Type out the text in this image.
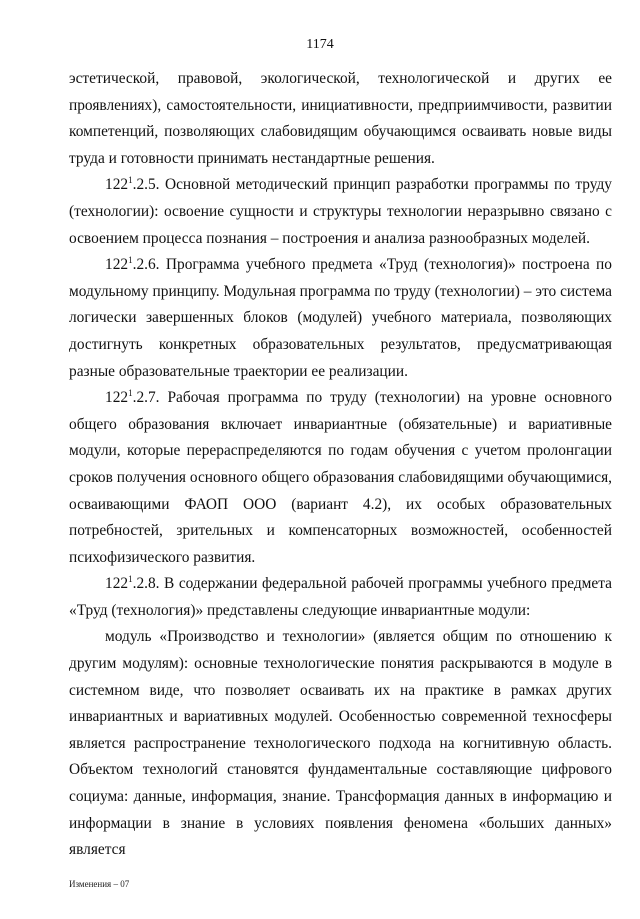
1174

эстетической, правовой, экологической, технологической и других ее проявлениях), самостоятельности, инициативности, предприимчивости, развитии компетенций, позволяющих слабовидящим обучающимся осваивать новые виды труда и готовности принимать нестандартные решения.

$122^1.2.5$. Основной методический принцип разработки программы по труду (технологии): освоение сущности и структуры технологии неразрывно связано с освоением процесса познания – построения и анализа разнообразных моделей.

$122^1.2.6$. Программа учебного предмета «Труд (технология)» построена по модульному принципу. Модульная программа по труду (технологии) – это система логически завершенных блоков (модулей) учебного материала, позволяющих достигнуть конкретных образовательных результатов, предусматривающая разные образовательные траектории ее реализации.

$122^1.2.7$. Рабочая программа по труду (технологии) на уровне основного общего образования включает инвариантные (обязательные) и вариативные модули, которые перераспределяются по годам обучения с учетом пролонгации сроков получения основного общего образования слабовидящими обучающимися, осваивающими ФАОП ООО (вариант 4.2), их особых образовательных потребностей, зрительных и компенсаторных возможностей, особенностей психофизического развития.

$122^1.2.8$. В содержании федеральной рабочей программы учебного предмета «Труд (технология)» представлены следующие инвариантные модули:

модуль «Производство и технологии» (является общим по отношению к другим модулям): основные технологические понятия раскрываются в модуле в системном виде, что позволяет осваивать их на практике в рамках других инвариантных и вариативных модулей. Особенностью современной техносферы является распространение технологического подхода на когнитивную область. Объектом технологий становятся фундаментальные составляющие цифрового социума: данные, информация, знание. Трансформация данных в информацию и информации в знание в условиях появления феномена «больших данных» является

Изменения – 07
